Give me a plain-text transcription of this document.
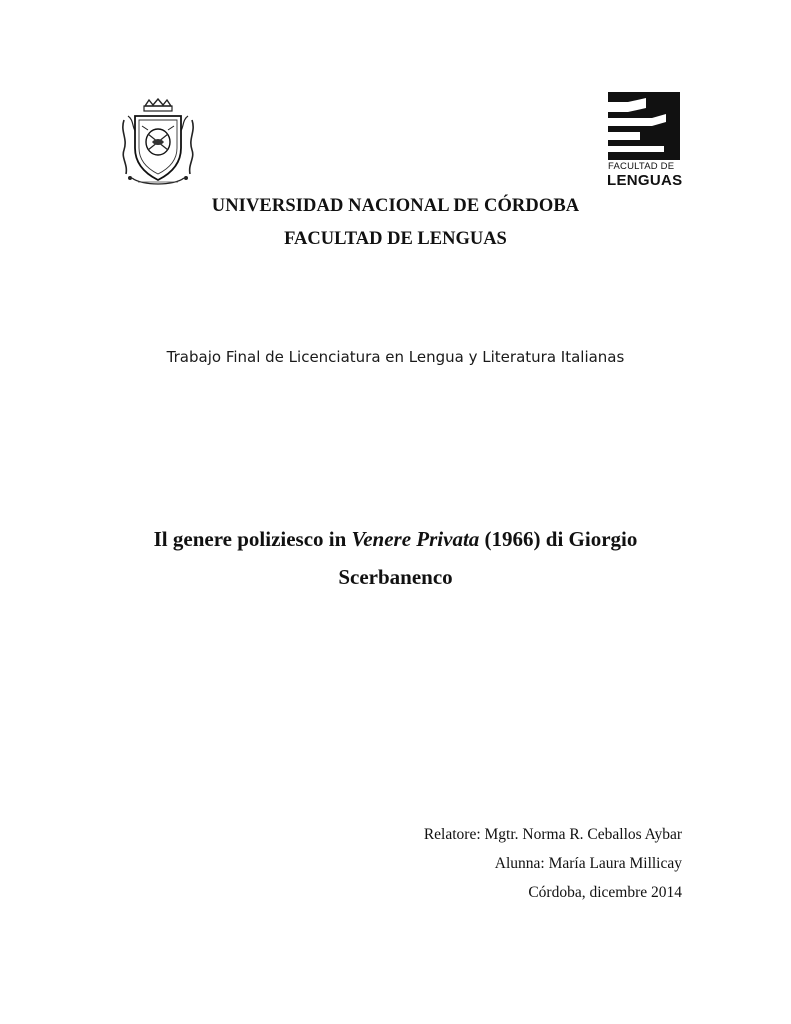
FACULTAD DE
LENGUAS
UNIVERSIDAD NACIONAL DE CÓRDOBA
FACULTAD DE LENGUAS
Trabajo Final de Licenciatura en Lengua y Literatura Italianas
Il genere poliziesco in Venere Privata (1966) di Giorgio
Scerbanenco
Relatore: Mgtr. Norma R. Ceballos Aybar
Alunna: María Laura Millicay
Córdoba, dicembre 2014
